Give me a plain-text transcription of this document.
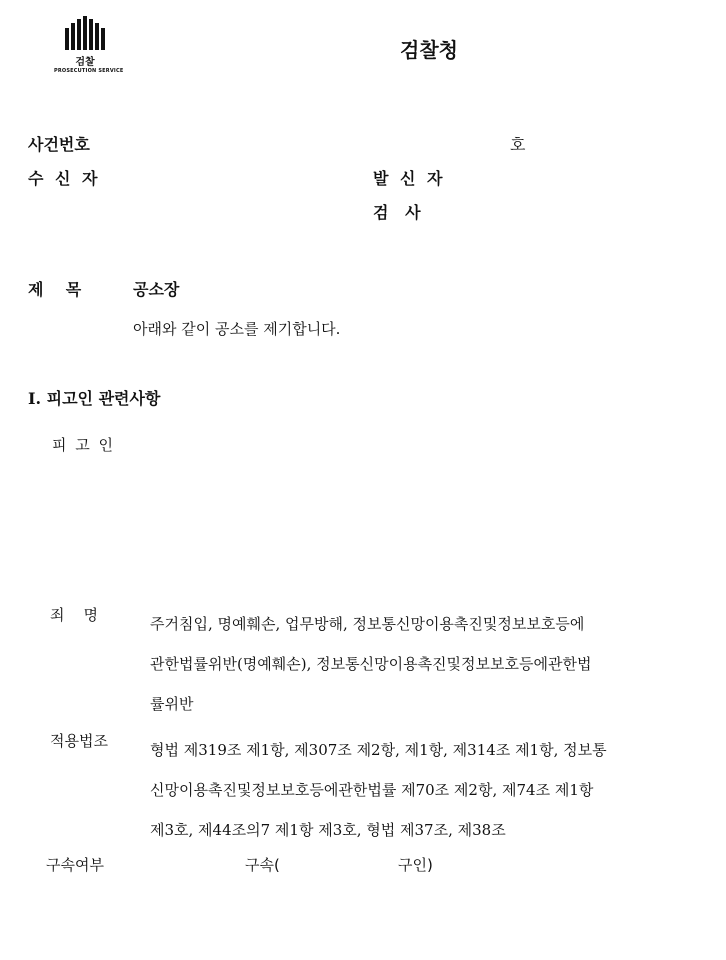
검찰
PROSECUTION SERVICE
검찰청
사건번호	호
수 신 자	발 신 자
검   사
제    목	공소장
아래와 같이 공소를 제기합니다.
Ⅰ. 피고인 관련사항
피 고 인
죄    명	주거침입, 명예훼손, 업무방해, 정보통신망이용촉진및정보보호등에
관한법률위반(명예훼손), 정보통신망이용촉진및정보보호등에관한법
률위반
적용법조	형법 제319조 제1항, 제307조 제2항, 제1항, 제314조 제1항, 정보통
신망이용촉진및정보보호등에관한법률 제70조 제2항, 제74조 제1항
제3호, 제44조의7 제1항 제3호, 형법 제37조, 제38조
구속여부	구속(	구인)
